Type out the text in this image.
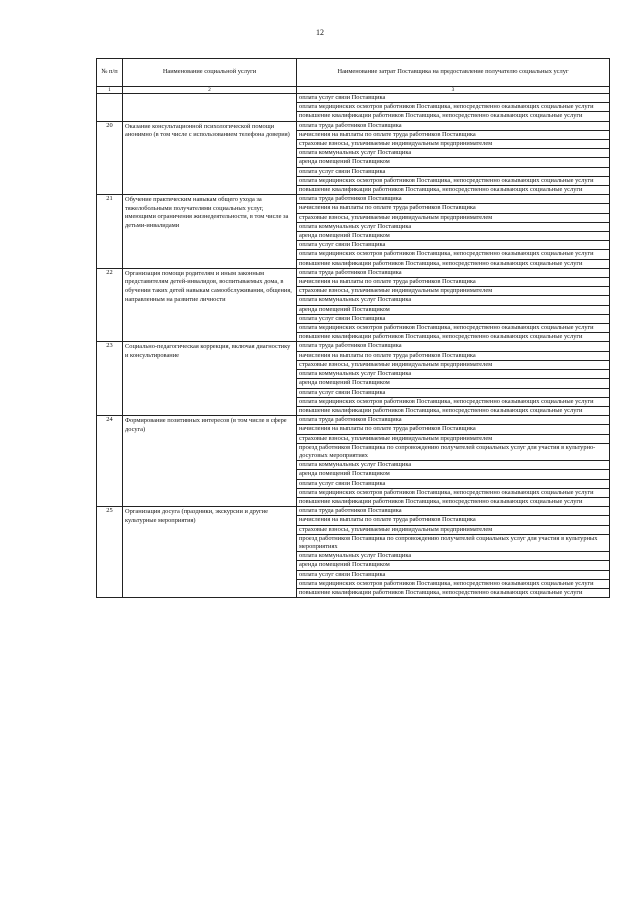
12
№ п/п	Наименование социальной услуги	Наименование затрат Поставщика на предоставление получателю социальных услуг
1	2	3
		оплата услуг связи Поставщика
		оплата медицинских осмотров работников Поставщика, непосредственно оказывающих социальные услуги
		повышение квалификации работников Поставщика, непосредственно оказывающих социальные услуги
20	Оказание консультационной психологической помощи анонимно (в том числе с использованием телефона доверия)	оплата труда работников Поставщика
		начисления на выплаты по оплате труда работников Поставщика
		страховые взносы, уплачиваемые индивидуальным предпринимателем
		оплата коммунальных услуг Поставщика
		аренда помещений Поставщиком
		оплата услуг связи Поставщика
		оплата медицинских осмотров работников Поставщика, непосредственно оказывающих социальные услуги
		повышение квалификации работников Поставщика, непосредственно оказывающих социальные услуги
21	Обучение практическим навыкам общего ухода за тяжелобольными получателями социальных услуг, имеющими ограничения жизнедеятельности, в том числе за детьми-инвалидами	оплата труда работников Поставщика
		начисления на выплаты по оплате труда работников Поставщика
		страховые взносы, уплачиваемые индивидуальным предпринимателем
		оплата коммунальных услуг Поставщика
		аренда помещений Поставщиком
		оплата услуг связи Поставщика
		оплата медицинских осмотров работников Поставщика, непосредственно оказывающих социальные услуги
		повышение квалификации работников Поставщика, непосредственно оказывающих социальные услуги
22	Организация помощи родителям и иным законным представителям детей-инвалидов, воспитываемых дома, в обучении таких детей навыкам самообслуживания, общения, направленным на развитие личности	оплата труда работников Поставщика
		начисления на выплаты по оплате труда работников Поставщика
		страховые взносы, уплачиваемые индивидуальным предпринимателем
		оплата коммунальных услуг Поставщика
		аренда помещений Поставщиком
		оплата услуг связи Поставщика
		оплата медицинских осмотров работников Поставщика, непосредственно оказывающих социальные услуги
		повышение квалификации работников Поставщика, непосредственно оказывающих социальные услуги
23	Социально-педагогическая коррекция, включая диагностику и консультирование	оплата труда работников Поставщика
		начисления на выплаты по оплате труда работников Поставщика
		страховые взносы, уплачиваемые индивидуальным предпринимателем
		оплата коммунальных услуг Поставщика
		аренда помещений Поставщиком
		оплата услуг связи Поставщика
		оплата медицинских осмотров работников Поставщика, непосредственно оказывающих социальные услуги
		повышение квалификации работников Поставщика, непосредственно оказывающих социальные услуги
24	Формирование позитивных интересов (в том числе в сфере досуга)	оплата труда работников Поставщика
		начисления на выплаты по оплате труда работников Поставщика
		страховые взносы, уплачиваемые индивидуальным предпринимателем
		проезд работников Поставщика по сопровождению получателей социальных услуг для участия в культурно-досуговых мероприятиях
		оплата коммунальных услуг Поставщика
		аренда помещений Поставщиком
		оплата услуг связи Поставщика
		оплата медицинских осмотров работников Поставщика, непосредственно оказывающих социальные услуги
		повышение квалификации работников Поставщика, непосредственно оказывающих социальные услуги
25	Организация досуга (праздники, экскурсии и другие культурные мероприятия)	оплата труда работников Поставщика
		начисления на выплаты по оплате труда работников Поставщика
		страховые взносы, уплачиваемые индивидуальным предпринимателем
		проезд работников Поставщика по сопровождению получателей социальных услуг для участия в культурных мероприятиях
		оплата коммунальных услуг Поставщика
		аренда помещений Поставщиком
		оплата услуг связи Поставщика
		оплата медицинских осмотров работников Поставщика, непосредственно оказывающих социальные услуги
		повышение квалификации работников Поставщика, непосредственно оказывающих социальные услуги
